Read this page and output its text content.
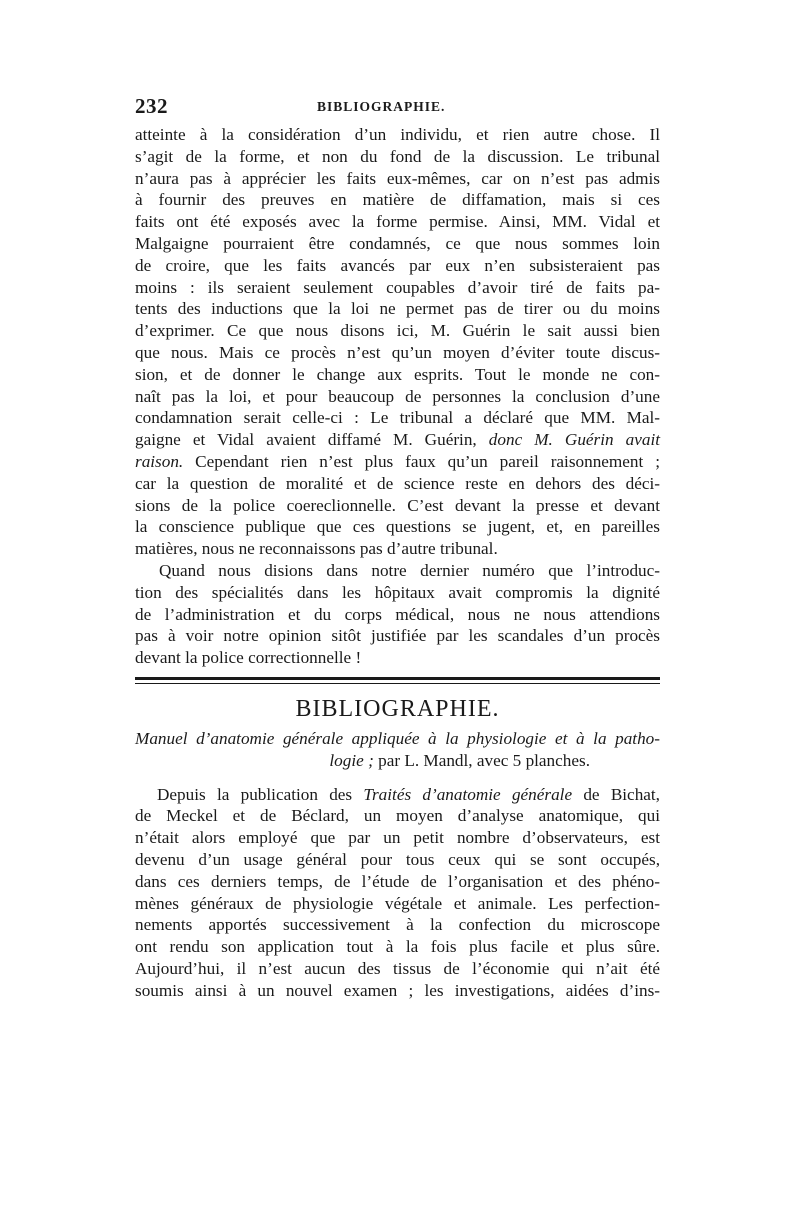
232	BIBLIOGRAPHIE.
atteinte à la considération d’un individu, et rien autre chose. Il
s’agit de la forme, et non du fond de la discussion. Le tribunal
n’aura pas à apprécier les faits eux-mêmes, car on n’est pas admis
à fournir des preuves en matière de diffamation, mais si ces
faits ont été exposés avec la forme permise. Ainsi, MM. Vidal et
Malgaigne pourraient être condamnés, ce que nous sommes loin
de croire, que les faits avancés par eux n’en subsisteraient pas
moins : ils seraient seulement coupables d’avoir tiré de faits pa-
tents des inductions que la loi ne permet pas de tirer ou du moins
d’exprimer. Ce que nous disons ici, M. Guérin le sait aussi bien
que nous. Mais ce procès n’est qu’un moyen d’éviter toute discus-
sion, et de donner le change aux esprits. Tout le monde ne con-
naît pas la loi, et pour beaucoup de personnes la conclusion d’une
condamnation serait celle-ci : Le tribunal a déclaré que MM. Mal-
gaigne et Vidal avaient diffamé M. Guérin, donc M. Guérin avait
raison. Cependant rien n’est plus faux qu’un pareil raisonnement ;
car la question de moralité et de science reste en dehors des déci-
sions de la police coereclionnelle. C’est devant la presse et devant
la conscience publique que ces questions se jugent, et, en pareilles
matières, nous ne reconnaissons pas d’autre tribunal.
Quand nous disions dans notre dernier numéro que l’introduc-
tion des spécialités dans les hôpitaux avait compromis la dignité
de l’administration et du corps médical, nous ne nous attendions
pas à voir notre opinion sitôt justifiée par les scandales d’un procès
devant la police correctionnelle !
BIBLIOGRAPHIE.
Manuel d’anatomie générale appliquée à la physiologie et à la patho-
logie ; par L. Mandl, avec 5 planches.
Depuis la publication des Traités d’anatomie générale de Bichat,
de Meckel et de Béclard, un moyen d’analyse anatomique, qui
n’était alors employé que par un petit nombre d’observateurs, est
devenu d’un usage général pour tous ceux qui se sont occupés,
dans ces derniers temps, de l’étude de l’organisation et des phéno-
mènes généraux de physiologie végétale et animale. Les perfection-
nements apportés successivement à la confection du microscope
ont rendu son application tout à la fois plus facile et plus sûre.
Aujourd’hui, il n’est aucun des tissus de l’économie qui n’ait été
soumis ainsi à un nouvel examen ; les investigations, aidées d’ins-
